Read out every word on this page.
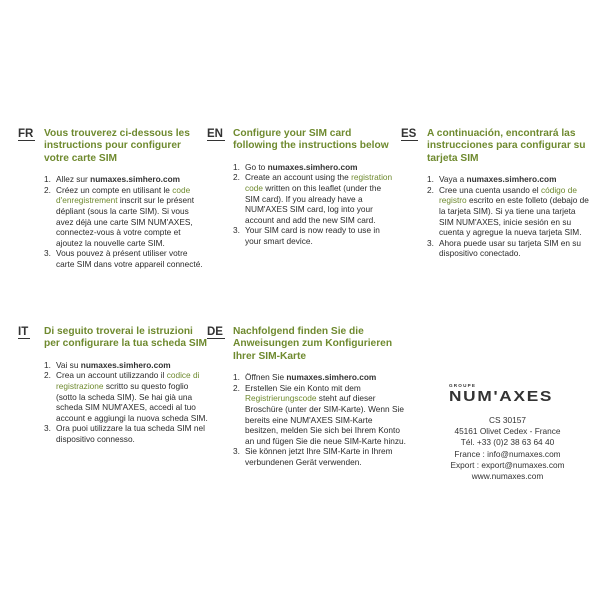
FR Vous trouverez ci-dessous les instructions pour configurer votre carte SIM
1. Allez sur numaxes.simhero.com
2. Créez un compte en utilisant le code d'enregistrement inscrit sur le présent dépliant (sous la carte SIM). Si vous avez déjà une carte SIM NUM'AXES, connectez-vous à votre compte et ajoutez la nouvelle carte SIM.
3. Vous pouvez à présent utiliser votre carte SIM dans votre appareil connecté.
EN Configure your SIM card following the instructions below
1. Go to numaxes.simhero.com
2. Create an account using the registration code written on this leaflet (under the SIM card). If you already have a NUM'AXES SIM card, log into your account and add the new SIM card.
3. Your SIM card is now ready to use in your smart device.
ES A continuación, encontrará las instrucciones para configurar su tarjeta SIM
1. Vaya a numaxes.simhero.com
2. Cree una cuenta usando el código de registro escrito en este folleto (debajo de la tarjeta SIM). Si ya tiene una tarjeta SIM NUM'AXES, inicie sesión en su cuenta y agregue la nueva tarjeta SIM.
3. Ahora puede usar su tarjeta SIM en su dispositivo conectado.
IT Di seguito troverai le istruzioni per configurare la tua scheda SIM
1. Vai su numaxes.simhero.com
2. Crea un account utilizzando il codice di registrazione scritto su questo foglio (sotto la scheda SIM). Se hai già una scheda SIM NUM'AXES, accedi al tuo account e aggiungi la nuova scheda SIM.
3. Ora puoi utilizzare la tua scheda SIM nel dispositivo connesso.
DE Nachfolgend finden Sie die Anweisungen zum Konfigurieren Ihrer SIM-Karte
1. Öffnen Sie numaxes.simhero.com
2. Erstellen Sie ein Konto mit dem Registrierungscode steht auf dieser Broschüre (unter der SIM-Karte). Wenn Sie bereits eine NUM'AXES SIM-Karte besitzen, melden Sie sich bei Ihrem Konto an und fügen Sie die neue SIM-Karte hinzu.
3. Sie können jetzt Ihre SIM-Karte in Ihrem verbundenen Gerät verwenden.
GROUPE
NUM'AXES
CS 30157
45161 Olivet Cedex - France
Tél. +33 (0)2 38 63 64 40
France : info@numaxes.com
Export : export@numaxes.com
www.numaxes.com
